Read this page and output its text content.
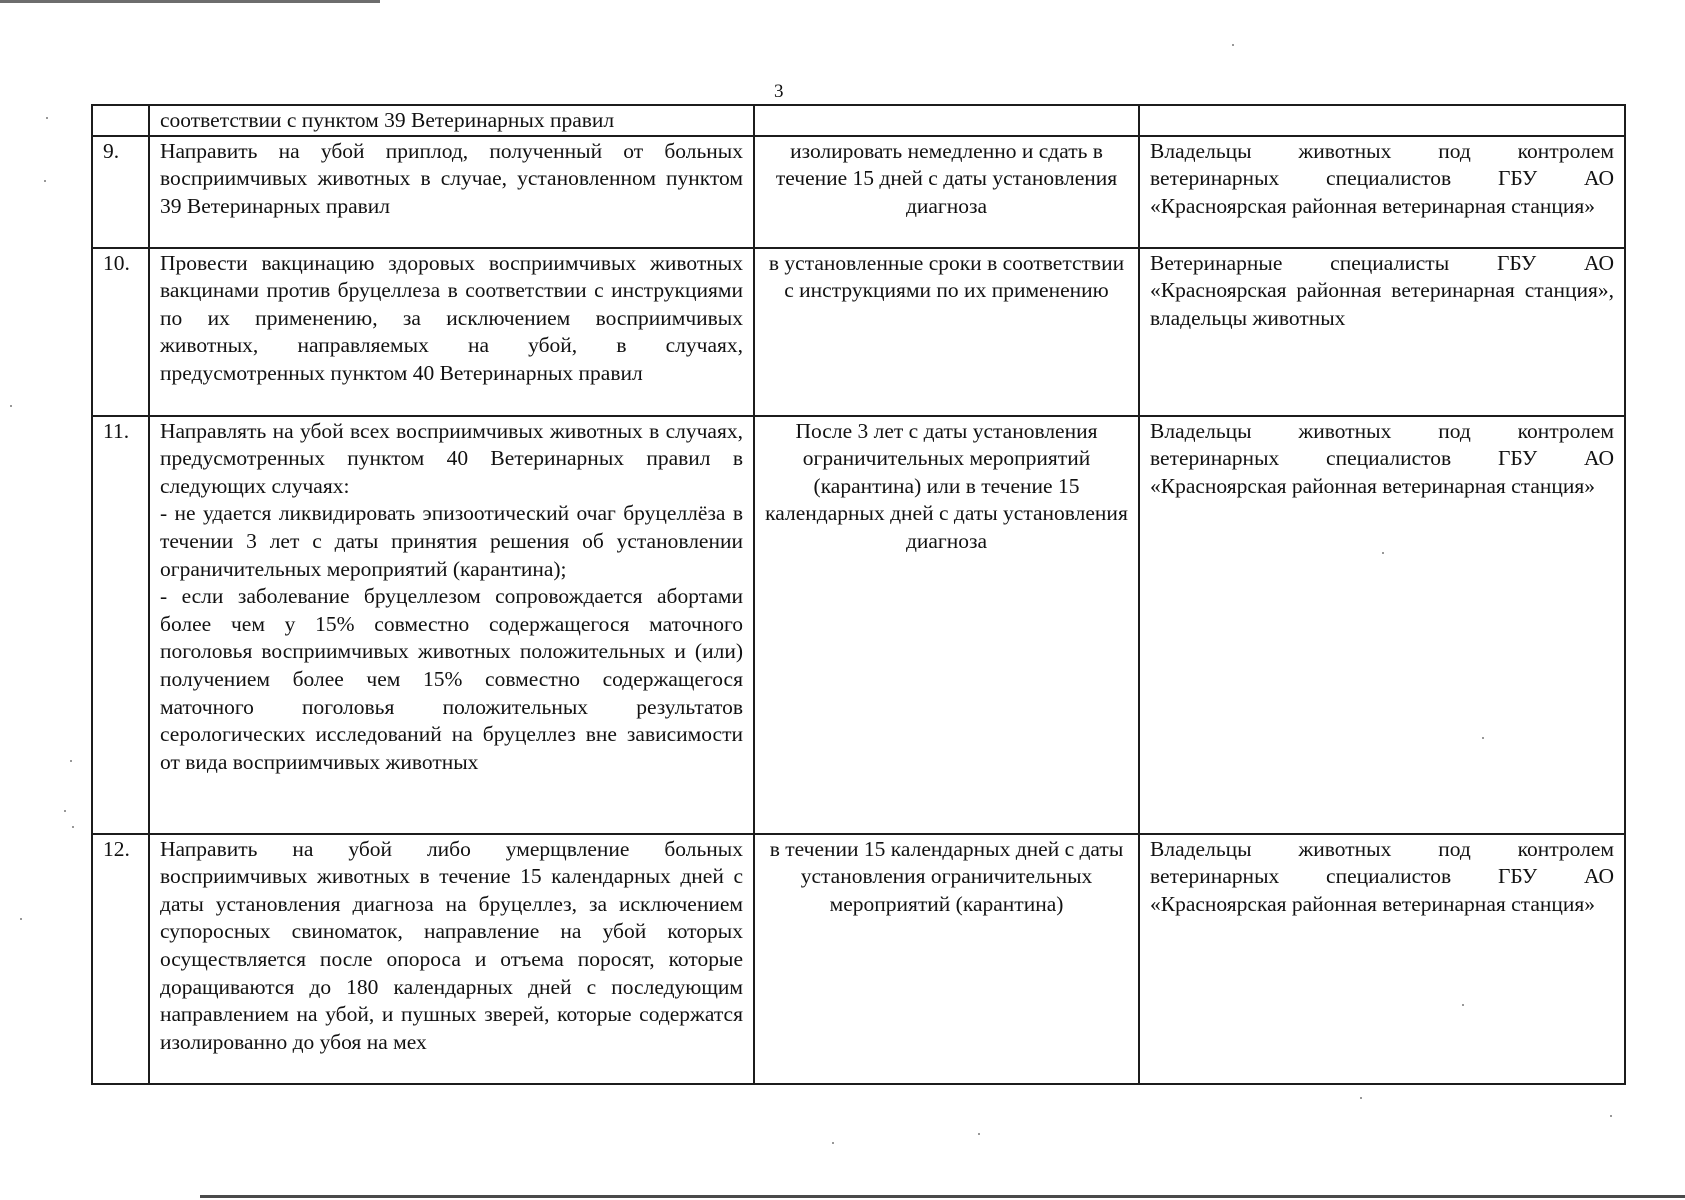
3
	соответствии с пунктом 39 Ветеринарных правил		
9.	Направить на убой приплод, полученный от больных восприимчивых животных в случае, установленном пунктом 39 Ветеринарных правил	изолировать немедленно и сдать в течение 15 дней с даты установления диагноза	Владельцы животных под контролем ветеринарных специалистов ГБУ АО «Красноярская районная ветеринарная станция»
10.	Провести вакцинацию здоровых восприимчивых животных вакцинами против бруцеллеза в соответствии с инструкциями по их применению, за исключением восприимчивых животных, направляемых на убой, в случаях, предусмотренных пунктом 40 Ветеринарных правил	в установленные сроки в соответствии с инструкциями по их применению	Ветеринарные специалисты ГБУ АО «Красноярская районная ветеринарная станция», владельцы животных
11.	Направлять на убой всех восприимчивых животных в случаях, предусмотренных пунктом 40 Ветеринарных правил в следующих случаях:
- не удается ликвидировать эпизоотический очаг бруцеллёза в течении 3 лет с даты принятия решения об установлении ограничительных мероприятий (карантина);
- если заболевание бруцеллезом сопровождается абортами более чем у 15% совместно содержащегося маточного поголовья восприимчивых животных положительных и (или) получением более чем 15% совместно содержащегося маточного поголовья положительных результатов серологических исследований на бруцеллез вне зависимости от вида восприимчивых животных	После 3 лет с даты установления ограничительных мероприятий (карантина) или в течение 15 календарных дней с даты установления диагноза	Владельцы животных под контролем ветеринарных специалистов ГБУ АО «Красноярская районная ветеринарная станция»
12.	Направить на убой либо умерщвление больных восприимчивых животных в течение 15 календарных дней с даты установления диагноза на бруцеллез, за исключением супоросных свиноматок, направление на убой которых осуществляется после опороса и отъема поросят, которые доращиваются до 180 календарных дней с последующим направлением на убой, и пушных зверей, которые содержатся изолированно до убоя на мех	в течении 15 календарных дней с даты установления ограничительных мероприятий (карантина)	Владельцы животных под контролем ветеринарных специалистов ГБУ АО «Красноярская районная ветеринарная станция»
